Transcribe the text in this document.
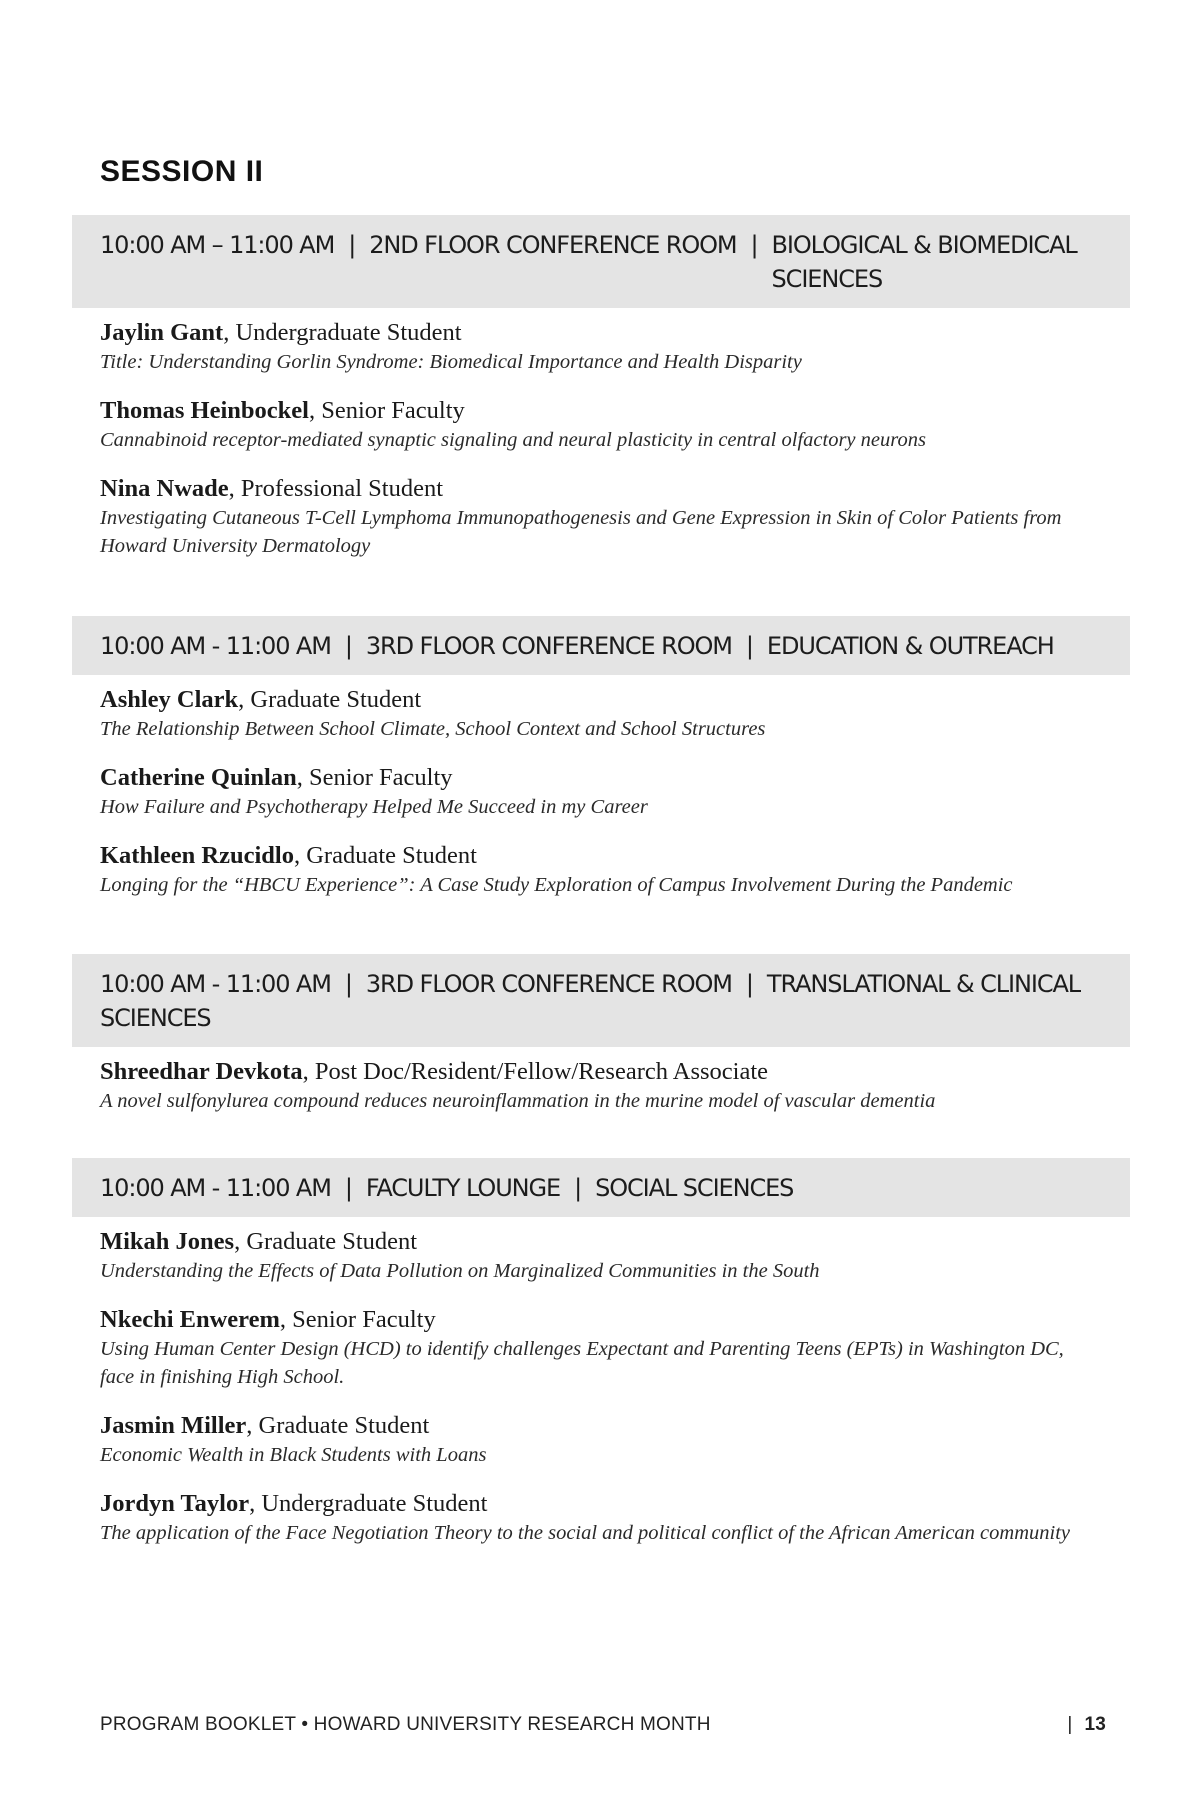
SESSION II
10:00 AM – 11:00 AM | 2ND FLOOR CONFERENCE ROOM | BIOLOGICAL & BIOMEDICAL SCIENCES
Jaylin Gant, Undergraduate Student
Title: Understanding Gorlin Syndrome: Biomedical Importance and Health Disparity
Thomas Heinbockel, Senior Faculty
Cannabinoid receptor-mediated synaptic signaling and neural plasticity in central olfactory neurons
Nina Nwade, Professional Student
Investigating Cutaneous T-Cell Lymphoma Immunopathogenesis and Gene Expression in Skin of Color Patients from Howard University Dermatology
10:00 AM - 11:00 AM | 3RD FLOOR CONFERENCE ROOM | EDUCATION & OUTREACH
Ashley Clark, Graduate Student
The Relationship Between School Climate, School Context and School Structures
Catherine Quinlan, Senior Faculty
How Failure and Psychotherapy Helped Me Succeed in my Career
Kathleen Rzucidlo, Graduate Student
Longing for the “HBCU Experience”: A Case Study Exploration of Campus Involvement During the Pandemic
10:00 AM - 11:00 AM | 3RD FLOOR CONFERENCE ROOM | TRANSLATIONAL & CLINICAL SCIENCES
Shreedhar Devkota, Post Doc/Resident/Fellow/Research Associate
A novel sulfonylurea compound reduces neuroinflammation in the murine model of vascular dementia
10:00 AM - 11:00 AM | FACULTY LOUNGE | SOCIAL SCIENCES
Mikah Jones, Graduate Student
Understanding the Effects of Data Pollution on Marginalized Communities in the South
Nkechi Enwerem, Senior Faculty
Using Human Center Design (HCD) to identify challenges Expectant and Parenting Teens (EPTs) in Washington DC, face in finishing High School.
Jasmin Miller, Graduate Student
Economic Wealth in Black Students with Loans
Jordyn Taylor, Undergraduate Student
The application of the Face Negotiation Theory to the social and political conflict of the African American community
PROGRAM BOOKLET • HOWARD UNIVERSITY RESEARCH MONTH	| 13
